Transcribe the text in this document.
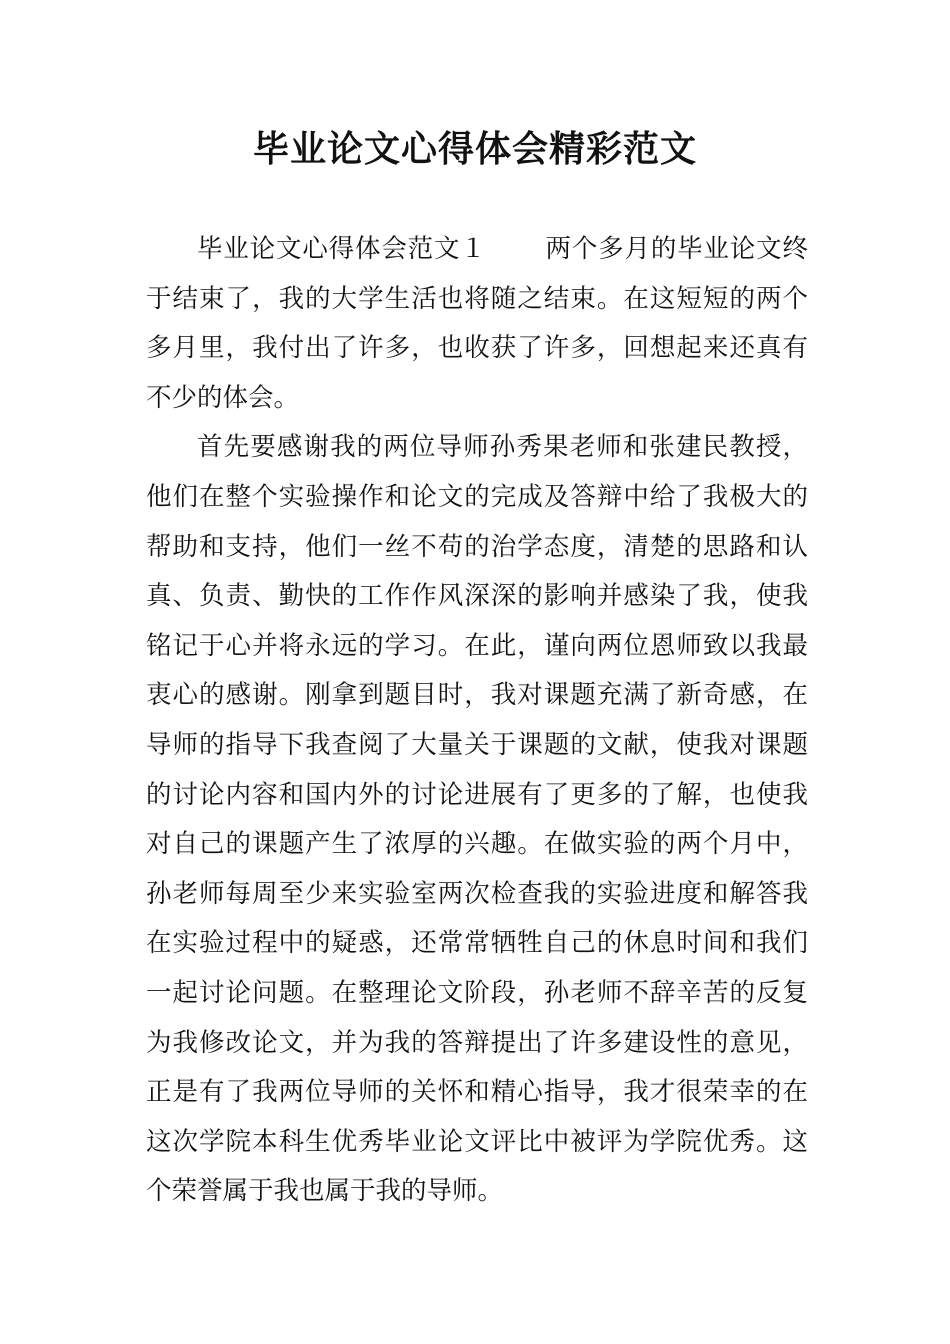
毕业论文心得体会精彩范文

毕业论文心得体会范文１ 两个多月的毕业论文终于结束了，我的大学生活也将随之结束。在这短短的两个多月里，我付出了许多，也收获了许多，回想起来还真有不少的体会。

首先要感谢我的两位导师孙秀果老师和张建民教授，他们在整个实验操作和论文的完成及答辩中给了我极大的帮助和支持，他们一丝不苟的治学态度，清楚的思路和认真、负责、勤快的工作作风深深的影响并感染了我，使我铭记于心并将永远的学习。在此，谨向两位恩师致以我最衷心的感谢。刚拿到题目时，我对课题充满了新奇感，在导师的指导下我查阅了大量关于课题的文献，使我对课题的讨论内容和国内外的讨论进展有了更多的了解，也使我对自己的课题产生了浓厚的兴趣。在做实验的两个月中，孙老师每周至少来实验室两次检查我的实验进度和解答我在实验过程中的疑惑，还常常牺牲自己的休息时间和我们一起讨论问题。在整理论文阶段，孙老师不辞辛苦的反复为我修改论文，并为我的答辩提出了许多建设性的意见，正是有了我两位导师的关怀和精心指导，我才很荣幸的在这次学院本科生优秀毕业论文评比中被评为学院优秀。这个荣誉属于我也属于我的导师。
